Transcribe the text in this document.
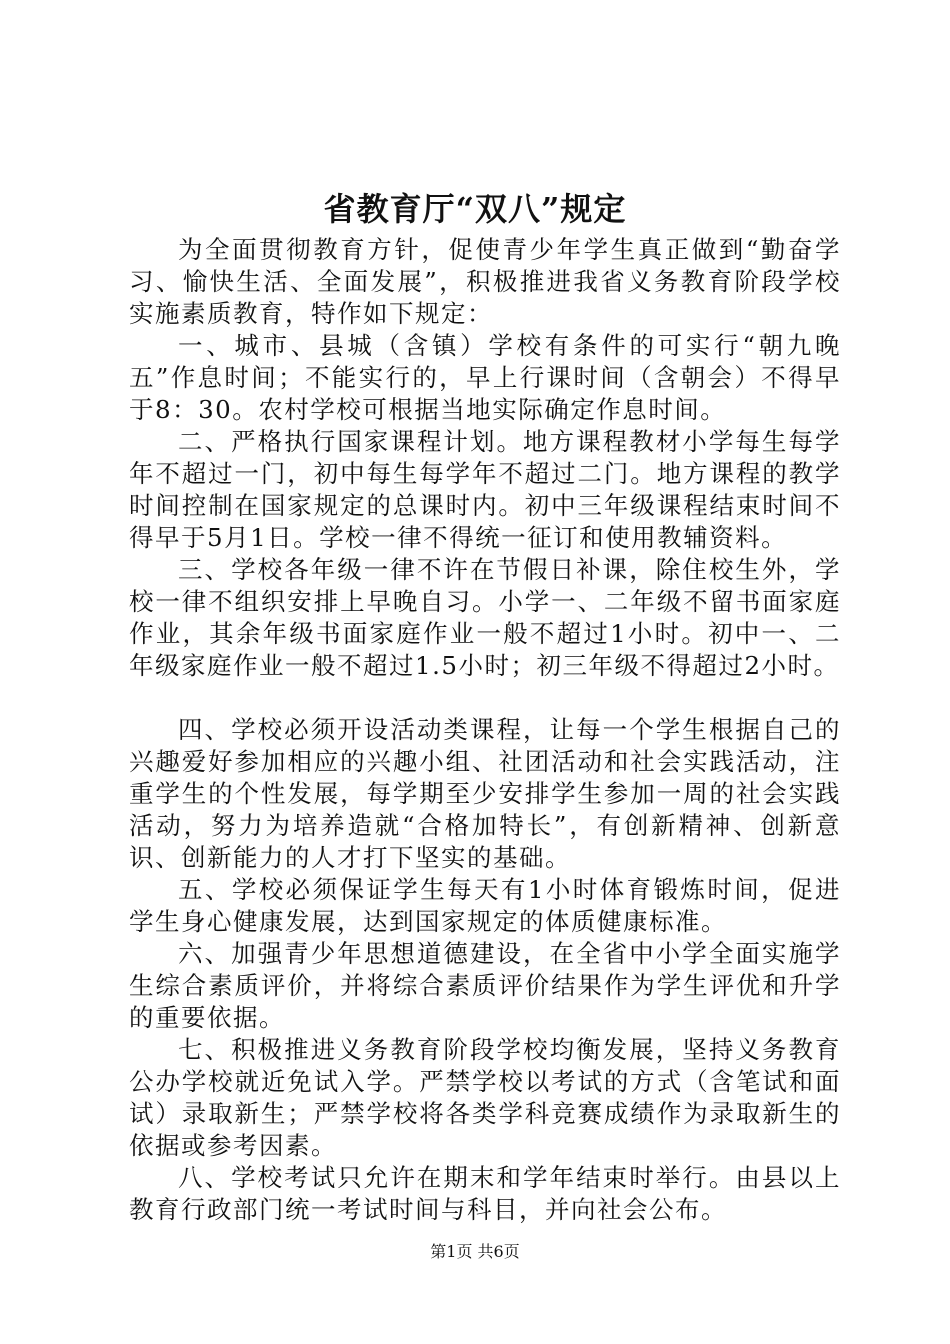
省教育厅“双八”规定

为全面贯彻教育方针，促使青少年学生真正做到“勤奋学习、愉快生活、全面发展”，积极推进我省义务教育阶段学校实施素质教育，特作如下规定：

一、城市、县城（含镇）学校有条件的可实行“朝九晚五”作息时间；不能实行的，早上行课时间（含朝会）不得早于8：30。农村学校可根据当地实际确定作息时间。

二、严格执行国家课程计划。地方课程教材小学每生每学年不超过一门，初中每生每学年不超过二门。地方课程的教学时间控制在国家规定的总课时内。初中三年级课程结束时间不得早于5月1日。学校一律不得统一征订和使用教辅资料。

三、学校各年级一律不许在节假日补课，除住校生外，学校一律不组织安排上早晚自习。小学一、二年级不留书面家庭作业，其余年级书面家庭作业一般不超过1小时。初中一、二年级家庭作业一般不超过1.5小时；初三年级不得超过2小时。

四、学校必须开设活动类课程，让每一个学生根据自己的兴趣爱好参加相应的兴趣小组、社团活动和社会实践活动，注重学生的个性发展，每学期至少安排学生参加一周的社会实践活动，努力为培养造就“合格加特长”，有创新精神、创新意识、创新能力的人才打下坚实的基础。

五、学校必须保证学生每天有1小时体育锻炼时间，促进学生身心健康发展，达到国家规定的体质健康标准。

六、加强青少年思想道德建设，在全省中小学全面实施学生综合素质评价，并将综合素质评价结果作为学生评优和升学的重要依据。

七、积极推进义务教育阶段学校均衡发展，坚持义务教育公办学校就近免试入学。严禁学校以考试的方式（含笔试和面试）录取新生；严禁学校将各类学科竞赛成绩作为录取新生的依据或参考因素。

八、学校考试只允许在期末和学年结束时举行。由县以上教育行政部门统一考试时间与科目，并向社会公布。

第1页 共6页
